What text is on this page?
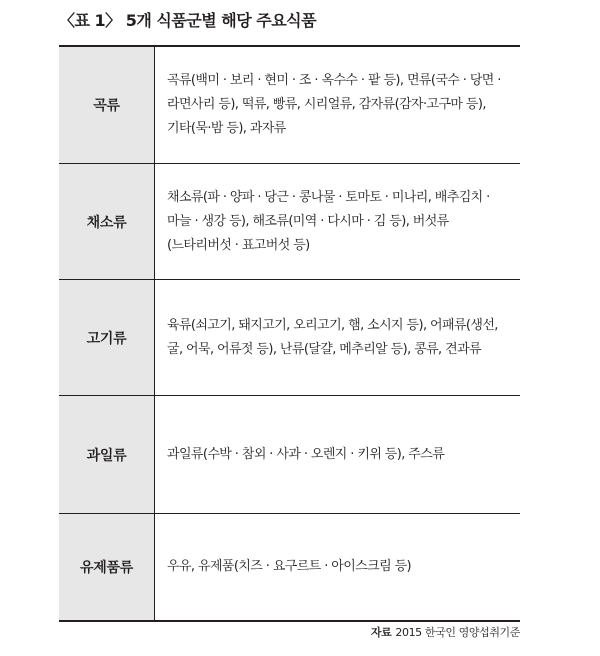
〈표 1〉 5개 식품군별 해당 주요식품
곡류
곡류(백미 · 보리 · 현미 · 조 · 옥수수 · 팥 등), 면류(국수 · 당면 · 라면사리 등), 떡류, 빵류, 시리얼류, 감자류(감자·고구마 등), 기타(묵·밤 등), 과자류
채소류
채소류(파 · 양파 · 당근 · 콩나물 · 토마토 · 미나리, 배추김치 · 마늘 · 생강 등), 해조류(미역 · 다시마 · 김 등), 버섯류(느타리버섯 · 표고버섯 등)
고기류
육류(쇠고기, 돼지고기, 오리고기, 햄, 소시지 등), 어패류(생선, 굴, 어묵, 어류젓 등), 난류(달걀, 메추리알 등), 콩류, 견과류
과일류	과일류(수박 · 참외 · 사과 · 오렌지 · 키위 등), 주스류
유제품류	우유, 유제품(치즈 · 요구르트 · 아이스크림 등)
자료 2015 한국인 영양섭취기준
